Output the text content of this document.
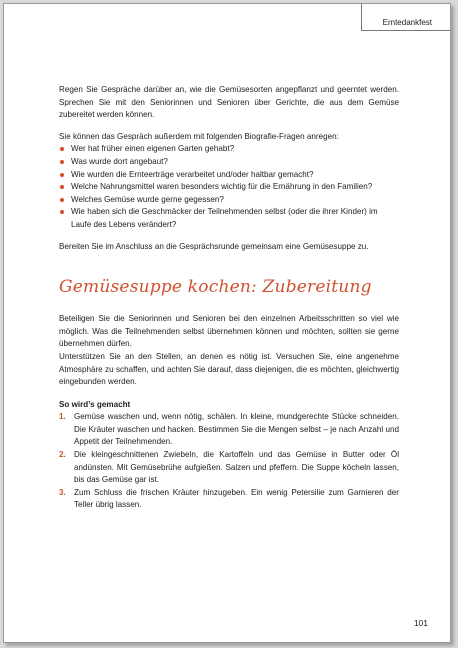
Erntedankfest

Regen Sie Gespräche darüber an, wie die Gemüsesorten angepflanzt und geerntet werden. Sprechen Sie mit den Seniorinnen und Senioren über Gerichte, die aus dem Gemüse zubereitet werden können.

Sie können das Gespräch außerdem mit folgenden Biografie-Fragen anregen:

Wer hat früher einen eigenen Garten gehabt?
Was wurde dort angebaut?
Wie wurden die Ernteerträge verarbeitet und/oder haltbar gemacht?
Welche Nahrungsmittel waren besonders wichtig für die Ernährung in den Familien?
Welches Gemüse wurde gerne gegessen?
Wie haben sich die Geschmäcker der Teilnehmenden selbst (oder die ihrer Kinder) im Laufe des Lebens verändert?

Bereiten Sie im Anschluss an die Gesprächsrunde gemeinsam eine Gemüsesuppe zu.

Gemüsesuppe kochen: Zubereitung

Beteiligen Sie die Seniorinnen und Senioren bei den einzelnen Arbeitsschritten so viel wie möglich. Was die Teilnehmenden selbst übernehmen können und möchten, sollten sie gerne übernehmen dürfen.

Unterstützen Sie an den Stellen, an denen es nötig ist. Versuchen Sie, eine angenehme Atmosphäre zu schaffen, und achten Sie darauf, dass diejenigen, die es möchten, gleichwertig eingebunden werden.

So wird’s gemacht
1. Gemüse waschen und, wenn nötig, schälen. In kleine, mundgerechte Stücke schneiden. Die Kräuter waschen und hacken. Bestimmen Sie die Mengen selbst – je nach Anzahl und Appetit der Teilnehmenden.
2. Die kleingeschnittenen Zwiebeln, die Kartoffeln und das Gemüse in Butter oder Öl andünsten. Mit Gemüsebrühe aufgießen. Salzen und pfeffern. Die Suppe köcheln lassen, bis das Gemüse gar ist.
3. Zum Schluss die frischen Kräuter hinzugeben. Ein wenig Petersilie zum Garnieren der Teller übrig lassen.
101
